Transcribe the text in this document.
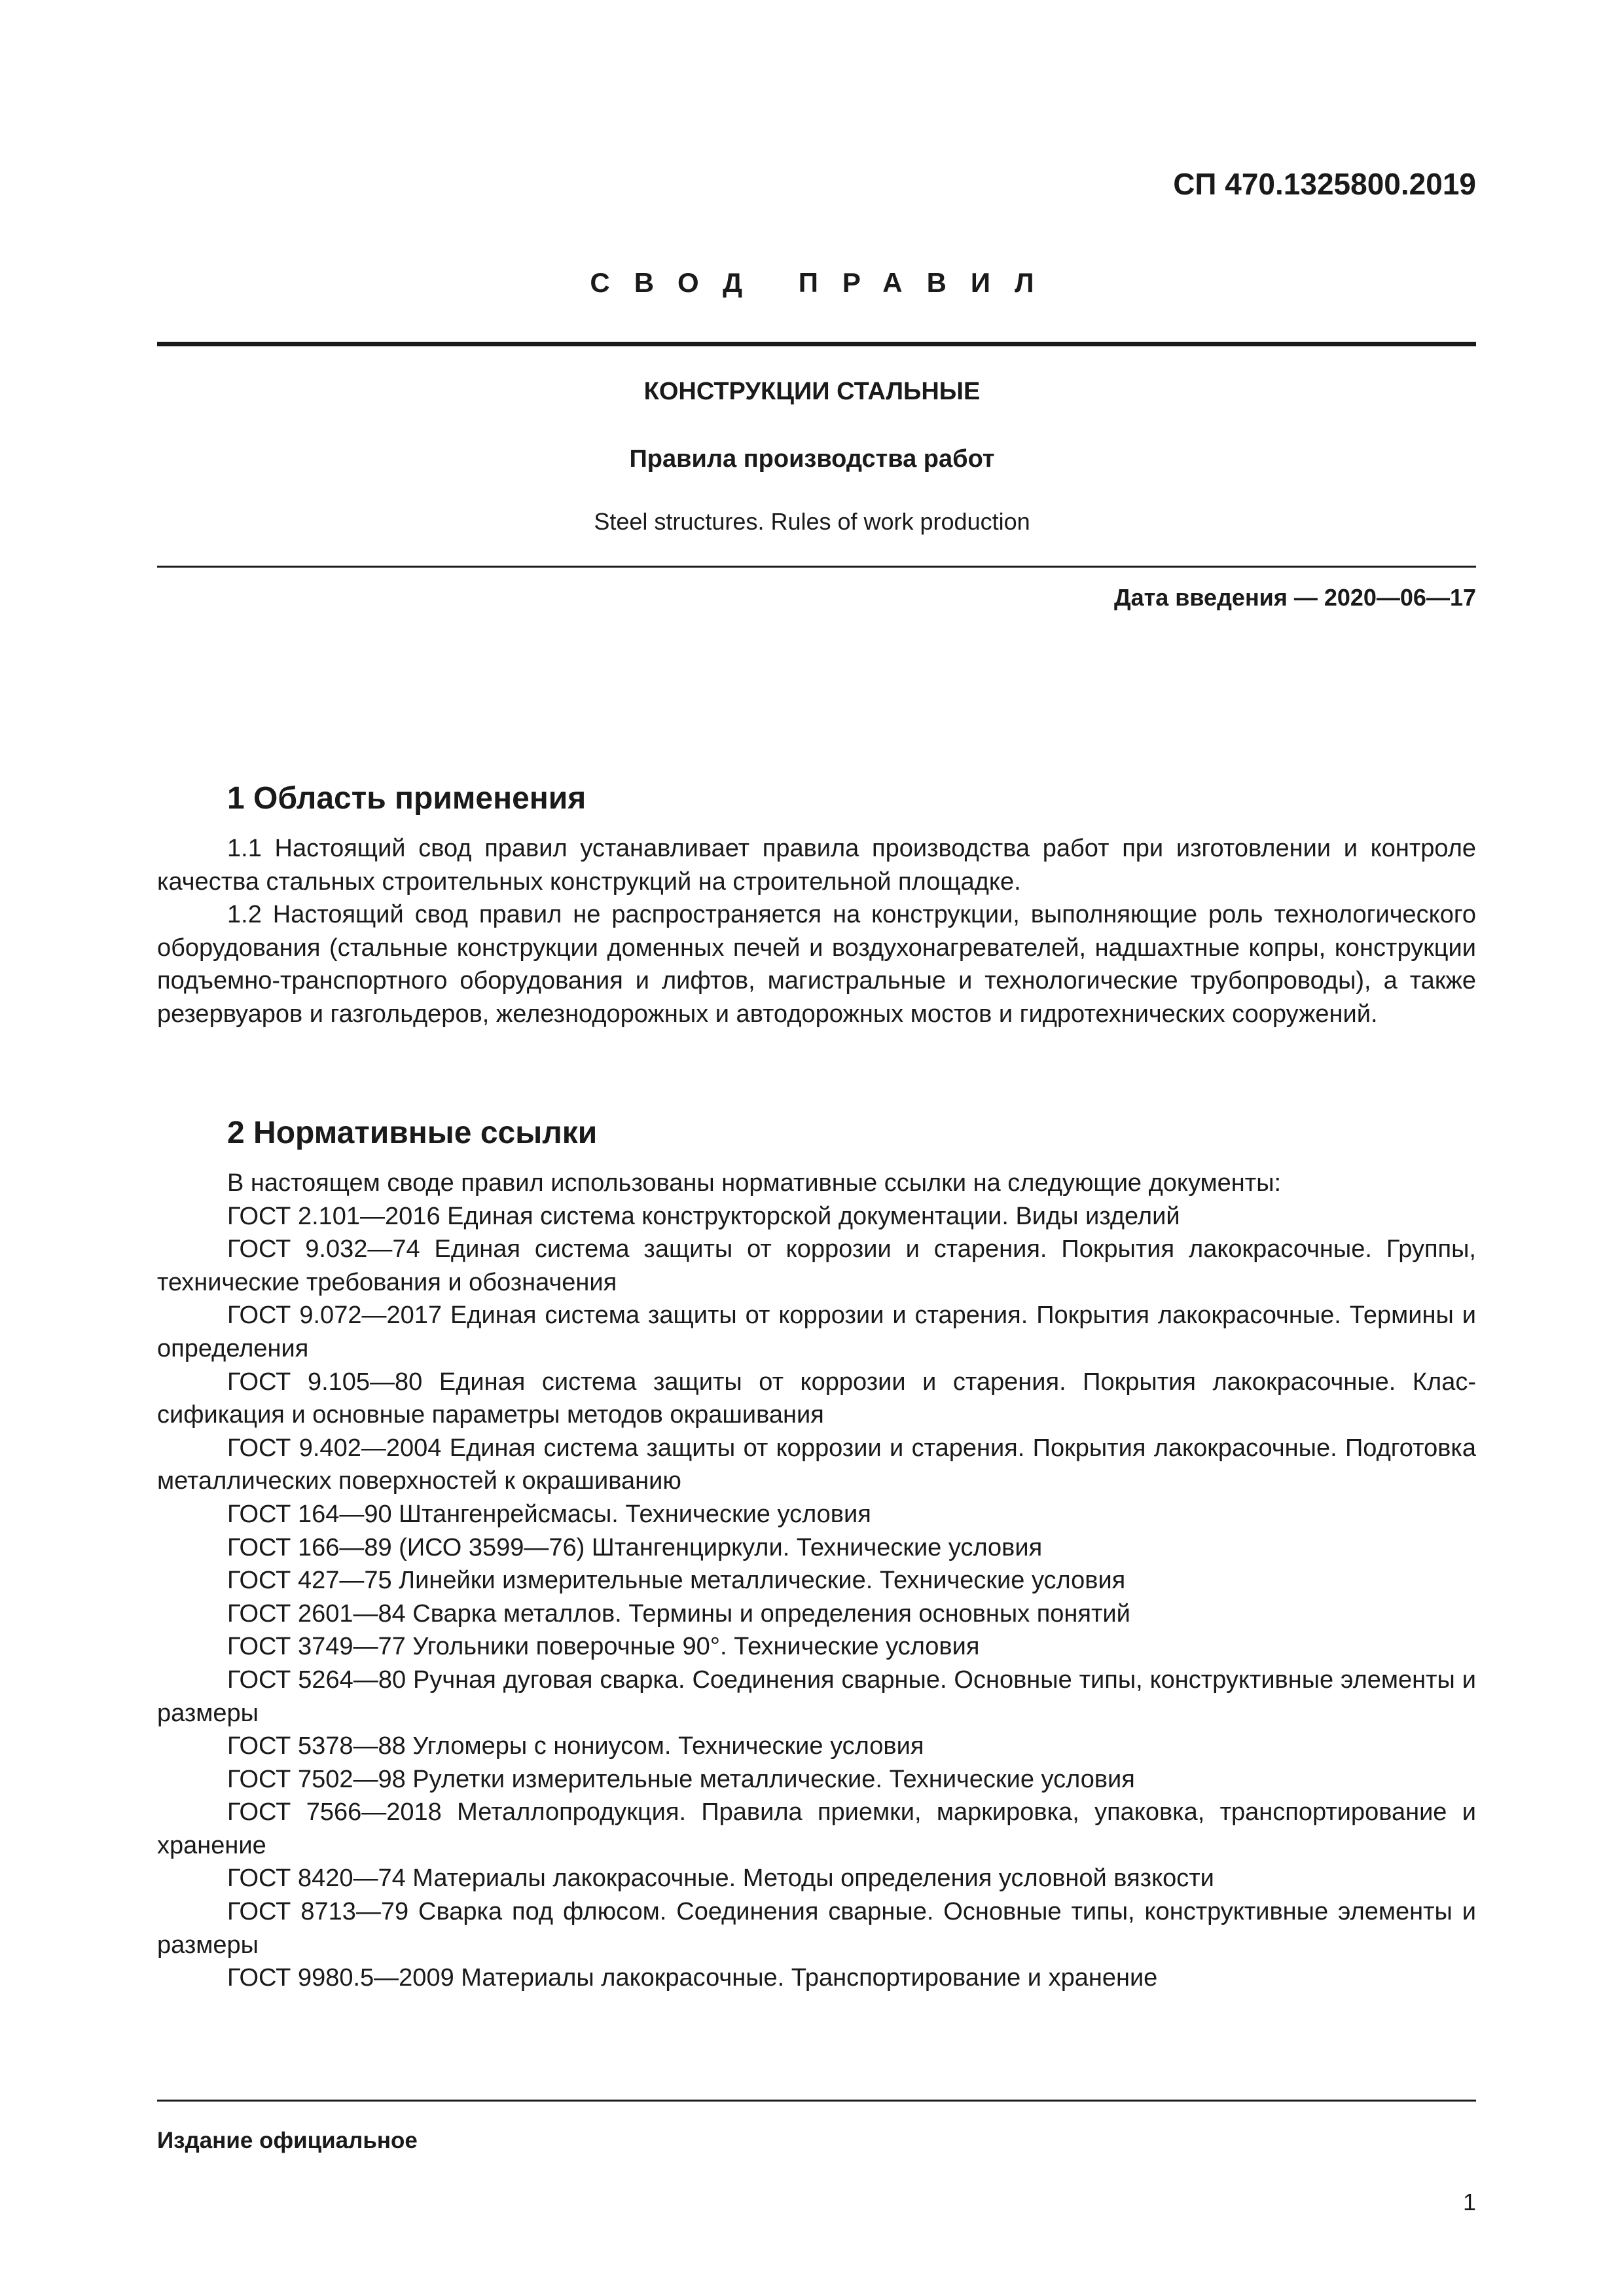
СП 470.1325800.2019
СВОД ПРАВИЛ
КОНСТРУКЦИИ СТАЛЬНЫЕ
Правила производства работ
Steel structures. Rules of work production
Дата введения — 2020—06—17
1 Область применения

1.1 Настоящий свод правил устанавливает правила производства работ при изготовлении и контроле качества стальных строительных конструкций на строительной площадке.

1.2 Настоящий свод правил не распространяется на конструкции, выполняющие роль технологического оборудования (стальные конструкции доменных печей и воздухонагревателей, надшахтные копры, конструкции подъемно-транспортного оборудования и лифтов, магистральные и технологические трубопроводы), а также резервуаров и газгольдеров, железнодорожных и автодорожных мостов и гидротехнических сооружений.

2 Нормативные ссылки

В настоящем своде правил использованы нормативные ссылки на следующие документы:

ГОСТ 2.101—2016 Единая система конструкторской документации. Виды изделий

ГОСТ 9.032—74 Единая система защиты от коррозии и старения. Покрытия лакокрасочные. Группы, технические требования и обозначения

ГОСТ 9.072—2017 Единая система защиты от коррозии и старения. Покрытия лакокрасочные. Термины и определения

ГОСТ 9.105—80 Единая система защиты от коррозии и старения. Покрытия лакокрасочные. Классификация и основные параметры методов окрашивания

ГОСТ 9.402—2004 Единая система защиты от коррозии и старения. Покрытия лакокрасочные. Подготовка металлических поверхностей к окрашиванию

ГОСТ 164—90 Штангенрейсмасы. Технические условия

ГОСТ 166—89 (ИСО 3599—76) Штангенциркули. Технические условия

ГОСТ 427—75 Линейки измерительные металлические. Технические условия

ГОСТ 2601—84 Сварка металлов. Термины и определения основных понятий

ГОСТ 3749—77 Угольники поверочные 90°. Технические условия

ГОСТ 5264—80 Ручная дуговая сварка. Соединения сварные. Основные типы, конструктивные элементы и размеры

ГОСТ 5378—88 Угломеры с нониусом. Технические условия

ГОСТ 7502—98 Рулетки измерительные металлические. Технические условия

ГОСТ 7566—2018 Металлопродукция. Правила приемки, маркировка, упаковка, транспортирование и хранение

ГОСТ 8420—74 Материалы лакокрасочные. Методы определения условной вязкости

ГОСТ 8713—79 Сварка под флюсом. Соединения сварные. Основные типы, конструктивные элементы и размеры

ГОСТ 9980.5—2009 Материалы лакокрасочные. Транспортирование и хранение

Издание официальное
1
